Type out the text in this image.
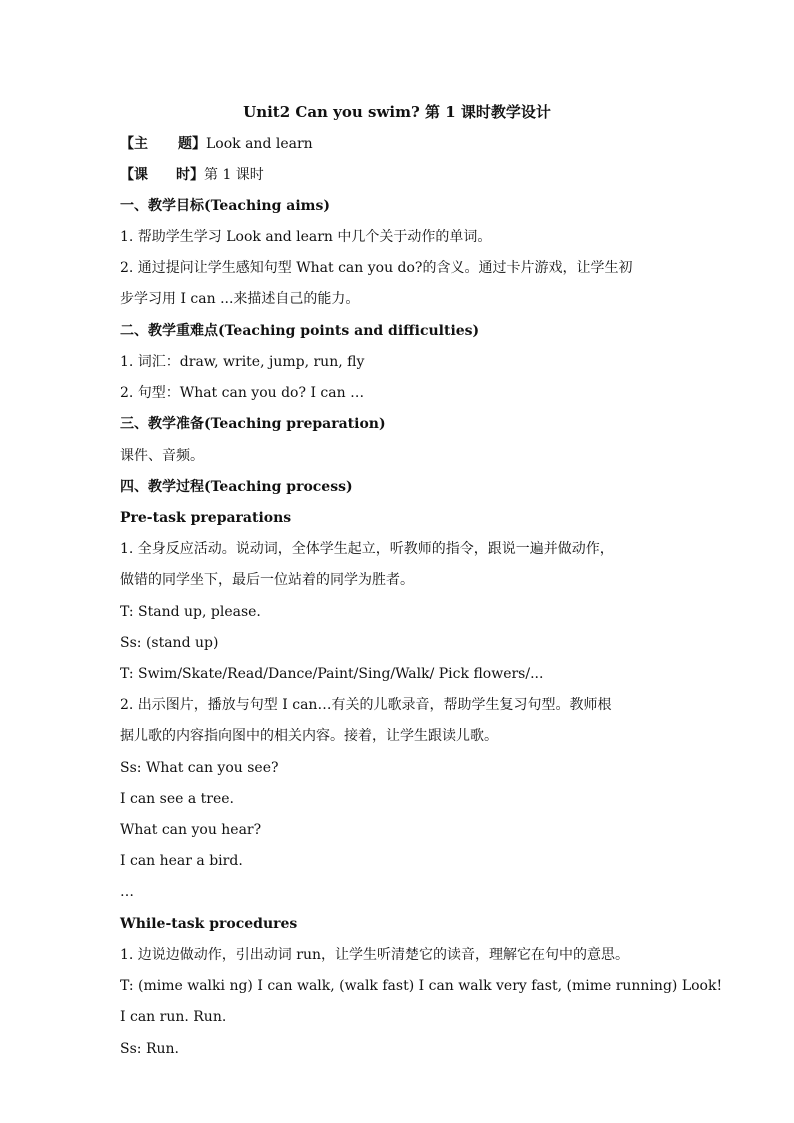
Unit2 Can you swim? 第 1 课时教学设计
【主 题】Look and learn
【课 时】第 1 课时
一、教学目标(Teaching aims)
1. 帮助学生学习 Look and learn 中几个关于动作的单词。
2. 通过提问让学生感知句型 What can you do?的含义。通过卡片游戏，让学生初
步学习用 I can ...来描述自己的能力。
二、教学重难点(Teaching points and difficulties)
1. 词汇：draw, write, jump, run, fly
2. 句型：What can you do? I can …
三、教学准备(Teaching preparation)
课件、音频。
四、教学过程(Teaching process)
Pre-task preparations
1. 全身反应活动。说动词，全体学生起立，听教师的指令，跟说一遍并做动作，
做错的同学坐下，最后一位站着的同学为胜者。
T: Stand up, please.
Ss: (stand up)
T: Swim/Skate/Read/Dance/Paint/Sing/Walk/ Pick flowers/...
2. 出示图片，播放与句型 I can…有关的儿歌录音，帮助学生复习句型。教师根
据儿歌的内容指向图中的相关内容。接着，让学生跟读儿歌。
Ss: What can you see?
I can see a tree.
What can you hear?
I can hear a bird.
…
While-task procedures
1. 边说边做动作，引出动词 run，让学生听清楚它的读音，理解它在句中的意思。
T: (mime walki ng) I can walk, (walk fast) I can walk very fast, (mime running) Look!
I can run. Run.
Ss: Run.
